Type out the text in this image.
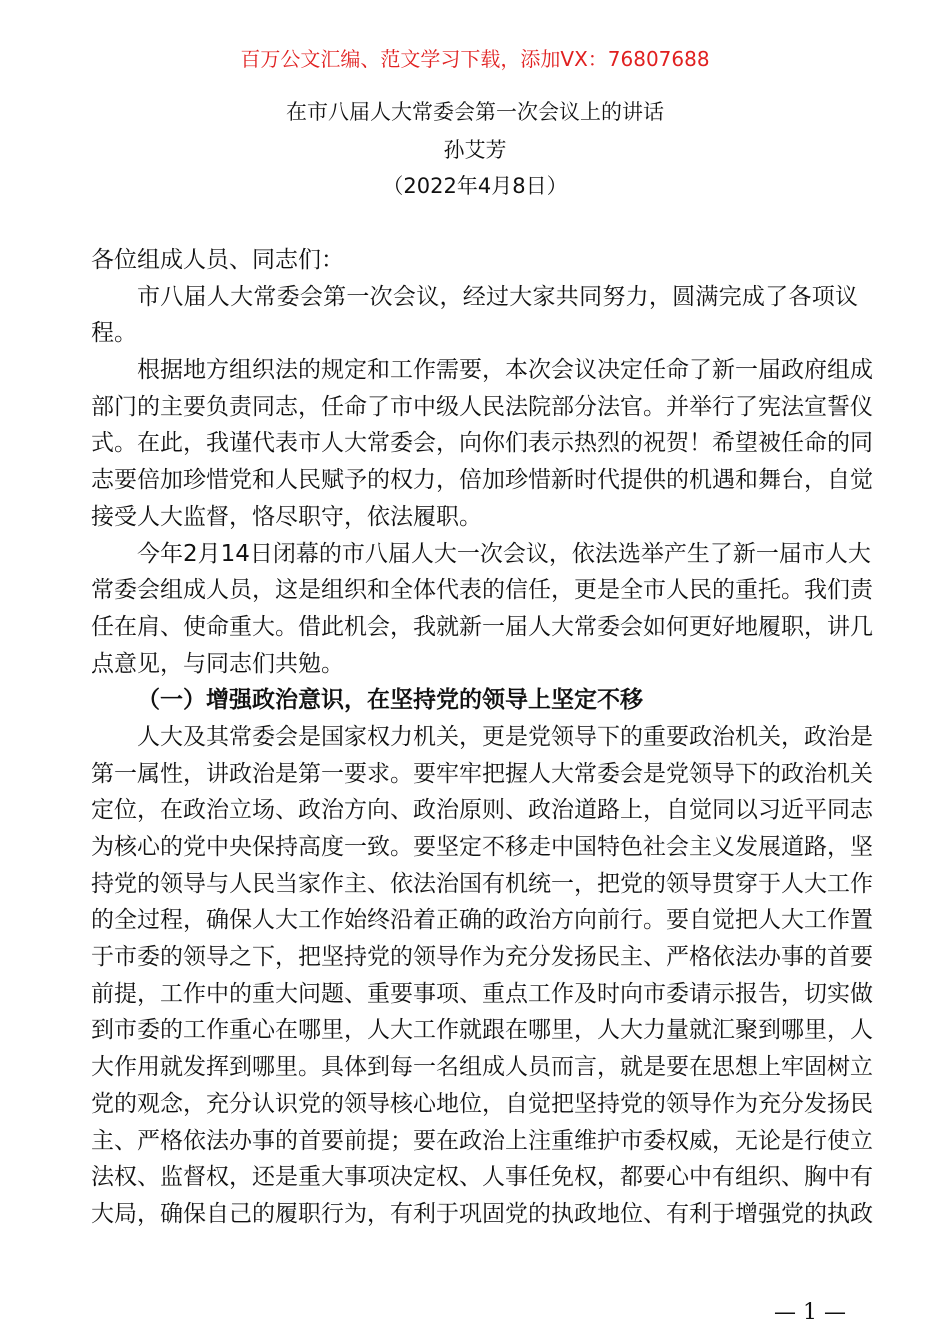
百万公文汇编、范文学习下载，添加VX：76807688
在市八届人大常委会第一次会议上的讲话
孙艾芳
（2022年4月8日）
各位组成人员、同志们：
市八届人大常委会第一次会议，经过大家共同努力，圆满完成了各项议
程。
根据地方组织法的规定和工作需要，本次会议决定任命了新一届政府组成
部门的主要负责同志，任命了市中级人民法院部分法官。并举行了宪法宣誓仪
式。在此，我谨代表市人大常委会，向你们表示热烈的祝贺！希望被任命的同
志要倍加珍惜党和人民赋予的权力，倍加珍惜新时代提供的机遇和舞台，自觉
接受人大监督，恪尽职守，依法履职。
今年2月14日闭幕的市八届人大一次会议，依法选举产生了新一届市人大
常委会组成人员，这是组织和全体代表的信任，更是全市人民的重托。我们责
任在肩、使命重大。借此机会，我就新一届人大常委会如何更好地履职，讲几
点意见，与同志们共勉。
（一）增强政治意识，在坚持党的领导上坚定不移
人大及其常委会是国家权力机关，更是党领导下的重要政治机关，政治是
第一属性，讲政治是第一要求。要牢牢把握人大常委会是党领导下的政治机关
定位，在政治立场、政治方向、政治原则、政治道路上，自觉同以习近平同志
为核心的党中央保持高度一致。要坚定不移走中国特色社会主义发展道路，坚
持党的领导与人民当家作主、依法治国有机统一，把党的领导贯穿于人大工作
的全过程，确保人大工作始终沿着正确的政治方向前行。要自觉把人大工作置
于市委的领导之下，把坚持党的领导作为充分发扬民主、严格依法办事的首要
前提，工作中的重大问题、重要事项、重点工作及时向市委请示报告，切实做
到市委的工作重心在哪里，人大工作就跟在哪里，人大力量就汇聚到哪里，人
大作用就发挥到哪里。具体到每一名组成人员而言，就是要在思想上牢固树立
党的观念，充分认识党的领导核心地位，自觉把坚持党的领导作为充分发扬民
主、严格依法办事的首要前提；要在政治上注重维护市委权威，无论是行使立
法权、监督权，还是重大事项决定权、人事任免权，都要心中有组织、胸中有
大局，确保自己的履职行为，有利于巩固党的执政地位、有利于增强党的执政
— 1 —
